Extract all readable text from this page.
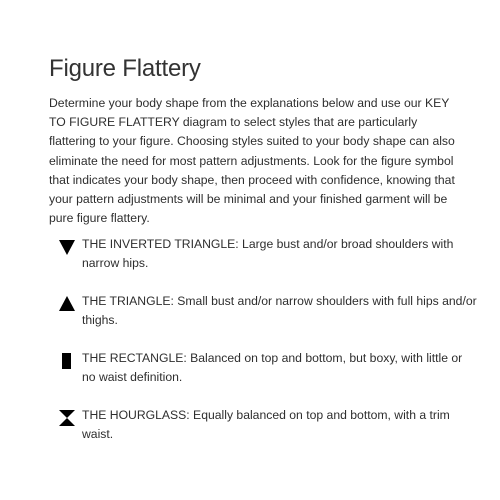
Figure Flattery

Determine your body shape from the explanations below and use our KEY TO FIGURE FLATTERY diagram to select styles that are particularly flattering to your figure. Choosing styles suited to your body shape can also eliminate the need for most pattern adjustments. Look for the figure symbol that indicates your body shape, then proceed with confidence, knowing that your pattern adjustments will be minimal and your finished garment will be pure figure flattery.

THE INVERTED TRIANGLE: Large bust and/or broad shoulders with narrow hips.
THE TRIANGLE: Small bust and/or narrow shoulders with full hips and/or thighs.
THE RECTANGLE: Balanced on top and bottom, but boxy, with little or no waist definition.
THE HOURGLASS: Equally balanced on top and bottom, with a trim waist.
